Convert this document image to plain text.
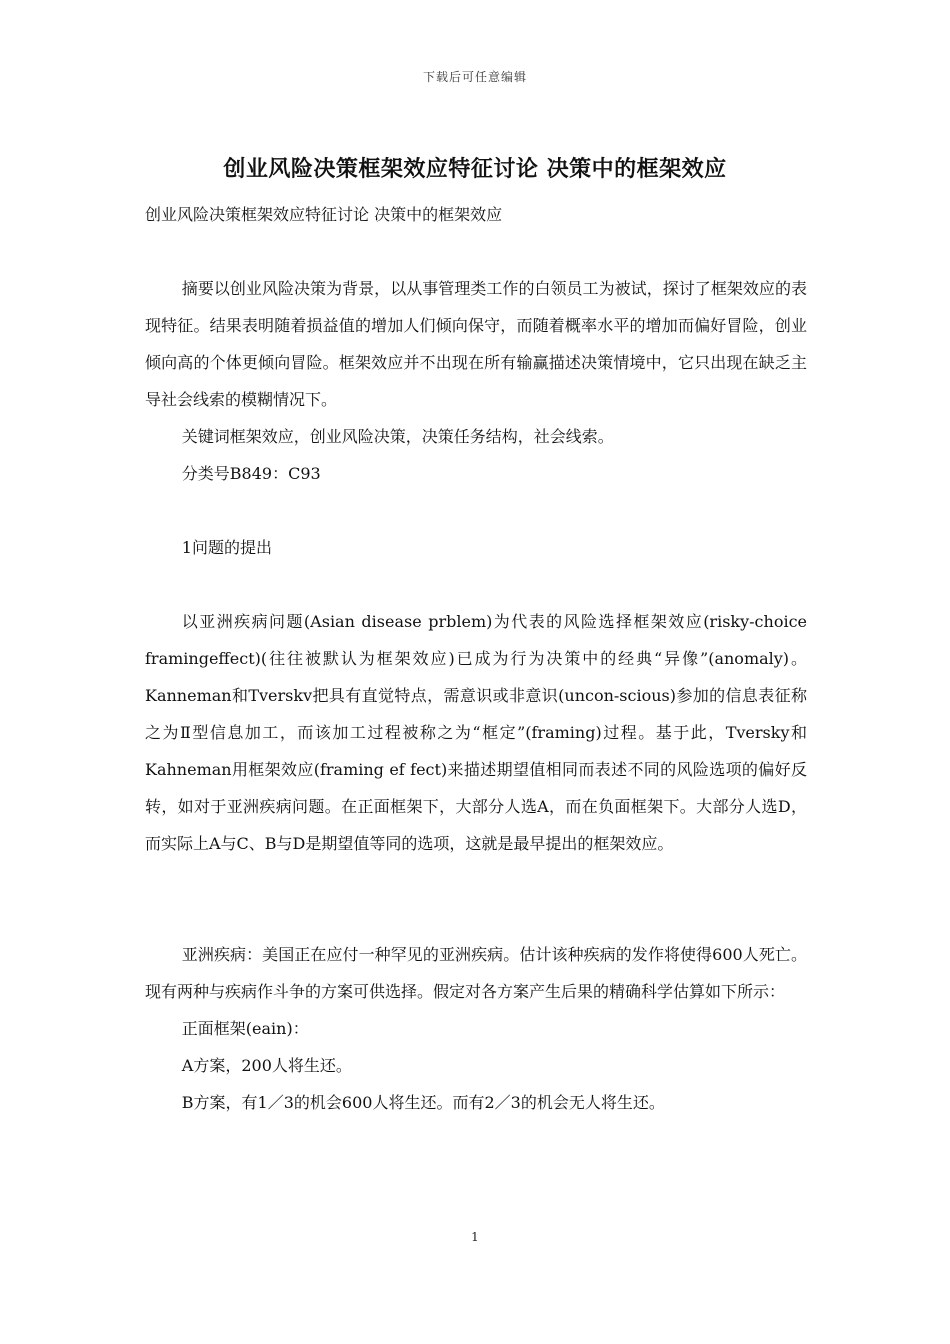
下载后可任意编辑
创业风险决策框架效应特征讨论 决策中的框架效应

创业风险决策框架效应特征讨论 决策中的框架效应

摘要以创业风险决策为背景，以从事管理类工作的白领员工为被试，探讨了框架效应的表现特征。结果表明随着损益值的增加人们倾向保守，而随着概率水平的增加而偏好冒险，创业倾向高的个体更倾向冒险。框架效应并不出现在所有输赢描述决策情境中，它只出现在缺乏主导社会线索的模糊情况下。

关键词框架效应，创业风险决策，决策任务结构，社会线索。

分类号B849：C93

1问题的提出

以亚洲疾病问题(Asian disease prblem)为代表的风险选择框架效应(risky-choice framingeffect)(往往被默认为框架效应)已成为行为决策中的经典“异像”(anomaly)。Kanneman和Tverskv把具有直觉特点，需意识或非意识(uncon-scious)参加的信息表征称之为Ⅱ型信息加工，而该加工过程被称之为“框定”(framing)过程。基于此，Tversky和Kahneman用框架效应(framing ef fect)来描述期望值相同而表述不同的风险选项的偏好反转，如对于亚洲疾病问题。在正面框架下，大部分人选A，而在负面框架下。大部分人选D，而实际上A与C、B与D是期望值等同的选项，这就是最早提出的框架效应。

亚洲疾病：美国正在应付一种罕见的亚洲疾病。估计该种疾病的发作将使得600人死亡。现有两种与疾病作斗争的方案可供选择。假定对各方案产生后果的精确科学估算如下所示：

正面框架(eain)：

A方案，200人将生还。

B方案，有1／3的机会600人将生还。而有2／3的机会无人将生还。

1
